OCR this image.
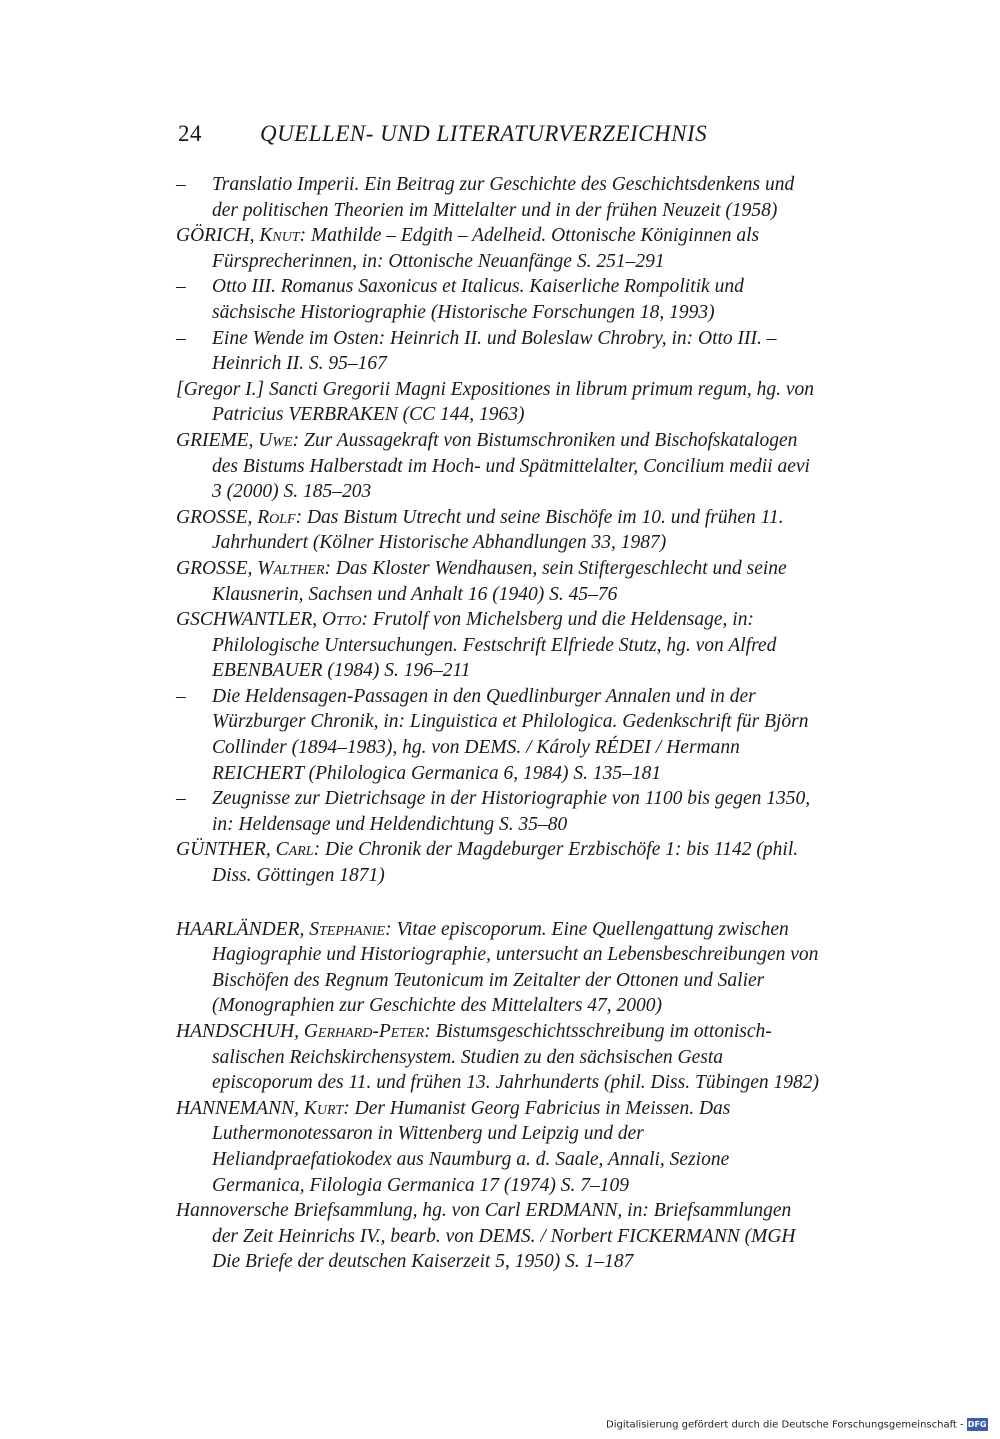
24	QUELLEN- UND LITERATURVERZEICHNIS

– Translatio Imperii. Ein Beitrag zur Geschichte des Geschichtsdenkens und der politischen Theorien im Mittelalter und in der frühen Neuzeit (1958)

GÖRICH, Knut: Mathilde – Edgith – Adelheid. Ottonische Königinnen als Fürsprecherinnen, in: Ottonische Neuanfänge S. 251–291

– Otto III. Romanus Saxonicus et Italicus. Kaiserliche Rompolitik und sächsische Historiographie (Historische Forschungen 18, 1993)

– Eine Wende im Osten: Heinrich II. und Boleslaw Chrobry, in: Otto III. – Heinrich II. S. 95–167

[Gregor I.] Sancti Gregorii Magni Expositiones in librum primum regum, hg. von Patricius VERBRAKEN (CC 144, 1963)

GRIEME, Uwe: Zur Aussagekraft von Bistumschroniken und Bischofskatalogen des Bistums Halberstadt im Hoch- und Spätmittelalter, Concilium medii aevi 3 (2000) S. 185–203

GROSSE, Rolf: Das Bistum Utrecht und seine Bischöfe im 10. und frühen 11. Jahrhundert (Kölner Historische Abhandlungen 33, 1987)

GROSSE, Walther: Das Kloster Wendhausen, sein Stiftergeschlecht und seine Klausnerin, Sachsen und Anhalt 16 (1940) S. 45–76

GSCHWANTLER, Otto: Frutolf von Michelsberg und die Heldensage, in: Philologische Untersuchungen. Festschrift Elfriede Stutz, hg. von Alfred EBENBAUER (1984) S. 196–211

– Die Heldensagen-Passagen in den Quedlinburger Annalen und in der Würzburger Chronik, in: Linguistica et Philologica. Gedenkschrift für Björn Collinder (1894–1983), hg. von DEMS. / Károly RÉDEI / Hermann REICHERT (Philologica Germanica 6, 1984) S. 135–181

– Zeugnisse zur Dietrichsage in der Historiographie von 1100 bis gegen 1350, in: Heldensage und Heldendichtung S. 35–80

GÜNTHER, Carl: Die Chronik der Magdeburger Erzbischöfe 1: bis 1142 (phil. Diss. Göttingen 1871)

HAARLÄNDER, Stephanie: Vitae episcoporum. Eine Quellengattung zwischen Hagiographie und Historiographie, untersucht an Lebensbeschreibungen von Bischöfen des Regnum Teutonicum im Zeitalter der Ottonen und Salier (Monographien zur Geschichte des Mittelalters 47, 2000)

HANDSCHUH, Gerhard-Peter: Bistumsgeschichtsschreibung im ottonisch-salischen Reichskirchensystem. Studien zu den sächsischen Gesta episcoporum des 11. und frühen 13. Jahrhunderts (phil. Diss. Tübingen 1982)

HANNEMANN, Kurt: Der Humanist Georg Fabricius in Meissen. Das Luthermonotessaron in Wittenberg und Leipzig und der Heliandpraefatiokodex aus Naumburg a. d. Saale, Annali, Sezione Germanica, Filologia Germanica 17 (1974) S. 7–109

Hannoversche Briefsammlung, hg. von Carl ERDMANN, in: Briefsammlungen der Zeit Heinrichs IV., bearb. von DEMS. / Norbert FICKERMANN (MGH Die Briefe der deutschen Kaiserzeit 5, 1950) S. 1–187

Digitalisierung gefördert durch die Deutsche Forschungsgemeinschaft - DFG
